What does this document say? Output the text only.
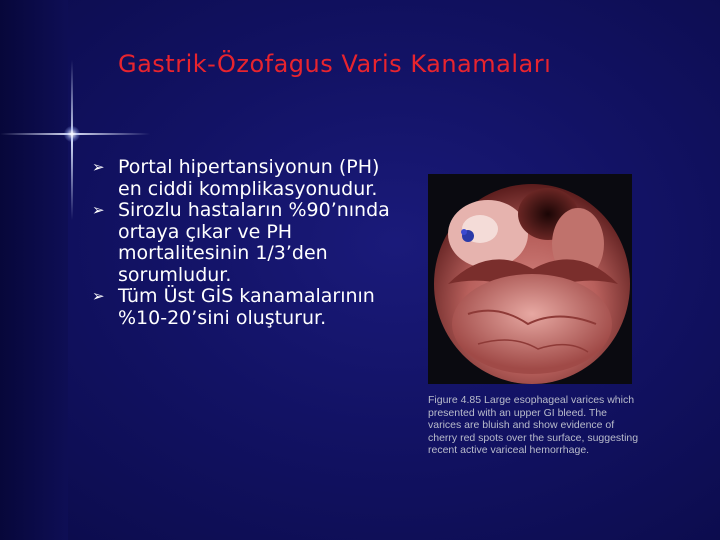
Gastrik-Özofagus Varis Kanamaları
➢ Portal hipertansiyonun (PH) en ciddi komplikasyonudur.
➢ Sirozlu hastaların %90’nında ortaya çıkar ve PH mortalitesinin 1/3’den sorumludur.
➢ Tüm Üst GİS kanamalarının %10-20’sini oluşturur.
Figure 4.85 Large esophageal varices which presented with an upper GI bleed. The varices are bluish and show evidence of cherry red spots over the surface, suggesting recent active variceal hemorrhage.
